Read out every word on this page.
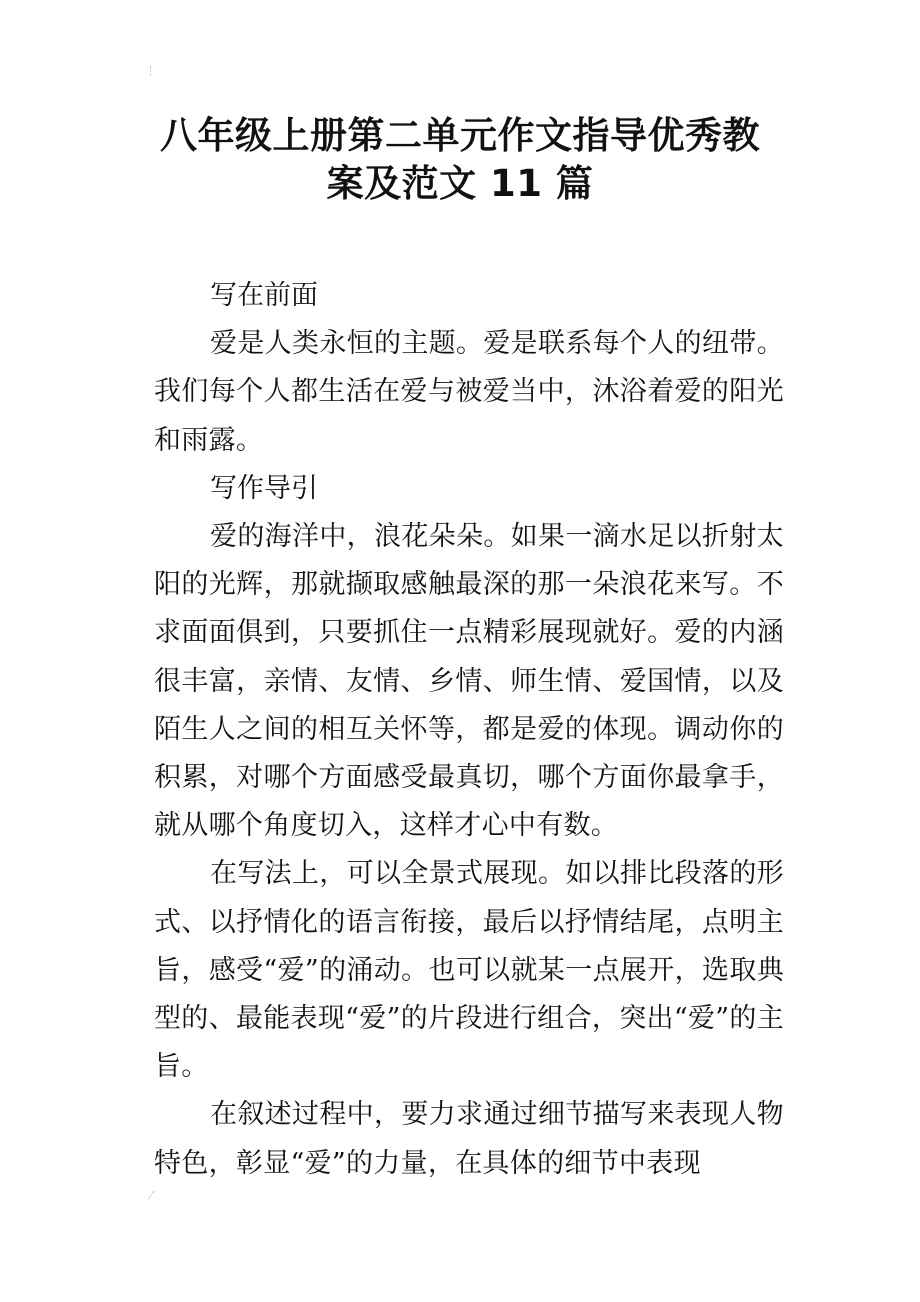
八年级上册第二单元作文指导优秀教
案及范文 11 篇

写在前面

爱是人类永恒的主题。爱是联系每个人的纽带。我们每个人都生活在爱与被爱当中，沐浴着爱的阳光和雨露。

写作导引

爱的海洋中，浪花朵朵。如果一滴水足以折射太阳的光辉，那就撷取感触最深的那一朵浪花来写。不求面面俱到，只要抓住一点精彩展现就好。爱的内涵很丰富，亲情、友情、乡情、师生情、爱国情，以及陌生人之间的相互关怀等，都是爱的体现。调动你的积累，对哪个方面感受最真切，哪个方面你最拿手，就从哪个角度切入，这样才心中有数。

在写法上，可以全景式展现。如以排比段落的形式、以抒情化的语言衔接，最后以抒情结尾，点明主旨，感受“爱”的涌动。也可以就某一点展开，选取典型的、最能表现“爱”的片段进行组合，突出“爱”的主旨。

在叙述过程中，要力求通过细节描写来表现人物特色，彰显“爱”的力量，在具体的细节中表现
